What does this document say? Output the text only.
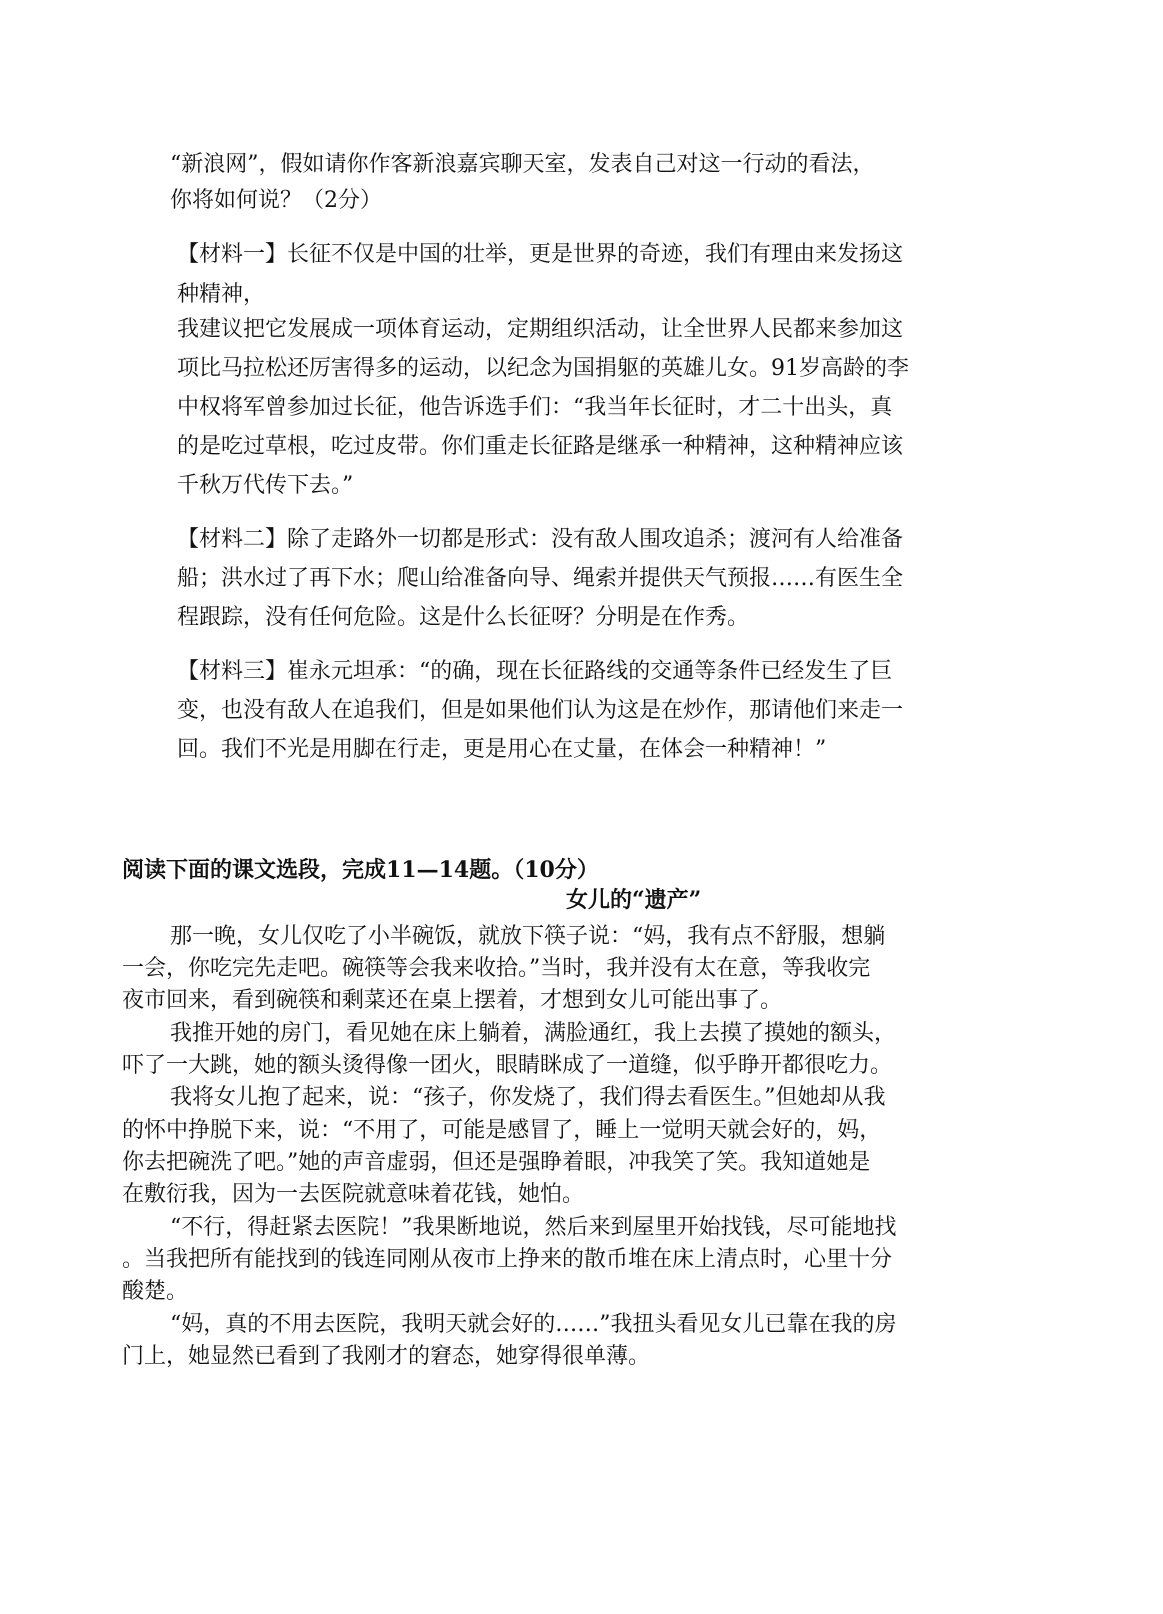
“新浪网”，假如请你作客新浪嘉宾聊天室，发表自己对这一行动的看法，

你将如何说？（2分）

【材料一】长征不仅是中国的壮举，更是世界的奇迹，我们有理由来发扬这

种精神，

我建议把它发展成一项体育运动，定期组织活动，让全世界人民都来参加这

项比马拉松还厉害得多的运动，以纪念为国捐躯的英雄儿女。91岁高龄的李

中权将军曾参加过长征，他告诉选手们：“我当年长征时，才二十出头，真

的是吃过草根，吃过皮带。你们重走长征路是继承一种精神，这种精神应该

千秋万代传下去。”

【材料二】除了走路外一切都是形式：没有敌人围攻追杀；渡河有人给准备

船；洪水过了再下水；爬山给准备向导、绳索并提供天气预报……有医生全

程跟踪，没有任何危险。这是什么长征呀？分明是在作秀。

【材料三】崔永元坦承：“的确，现在长征路线的交通等条件已经发生了巨

变，也没有敌人在追我们，但是如果他们认为这是在炒作，那请他们来走一

回。我们不光是用脚在行走，更是用心在丈量，在体会一种精神！”

阅读下面的课文选段，完成11—14题。（10分）

女儿的“遗产”

那一晚，女儿仅吃了小半碗饭，就放下筷子说：“妈，我有点不舒服，想躺

一会，你吃完先走吧。碗筷等会我来收拾。”当时，我并没有太在意，等我收完

夜市回来，看到碗筷和剩菜还在桌上摆着，才想到女儿可能出事了。

我推开她的房门，看见她在床上躺着，满脸通红，我上去摸了摸她的额头，

吓了一大跳，她的额头烫得像一团火，眼睛眯成了一道缝，似乎睁开都很吃力。

我将女儿抱了起来，说：“孩子，你发烧了，我们得去看医生。”但她却从我

的怀中挣脱下来，说：“不用了，可能是感冒了，睡上一觉明天就会好的，妈，

你去把碗洗了吧。”她的声音虚弱，但还是强睁着眼，冲我笑了笑。我知道她是

在敷衍我，因为一去医院就意味着花钱，她怕。

“不行，得赶紧去医院！”我果断地说，然后来到屋里开始找钱，尽可能地找

。当我把所有能找到的钱连同刚从夜市上挣来的散币堆在床上清点时，心里十分

酸楚。

“妈，真的不用去医院，我明天就会好的……”我扭头看见女儿已靠在我的房

门上，她显然已看到了我刚才的窘态，她穿得很单薄。
